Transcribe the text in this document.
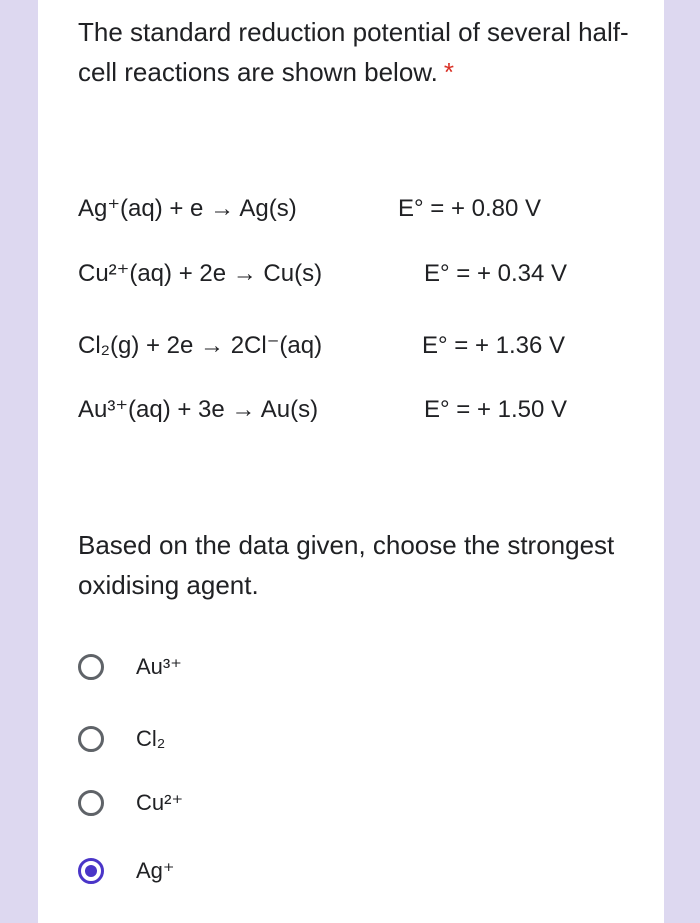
The standard reduction potential of several half-cell reactions are shown below. *

Ag⁺(aq) + e → Ag(s)	E° = + 0.80 V
Cu²⁺(aq) + 2e → Cu(s)	E° = + 0.34 V
Cl₂(g) + 2e → 2Cl⁻(aq)	E° = + 1.36 V
Au³⁺(aq) + 3e → Au(s)	E° = + 1.50 V

Based on the data given, choose the strongest oxidising agent.

Au³⁺
Cl₂
Cu²⁺
Ag⁺
